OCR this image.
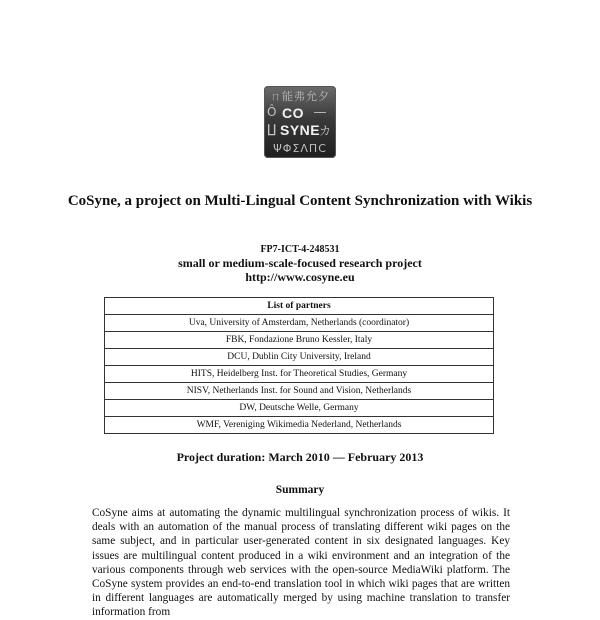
ㄇ能弗允夕
Ô CO ―
∐ SYNE
カ
ΨΦΣΛΠC
CoSyne, a project on Multi-Lingual Content Synchronization with Wikis
FP7-ICT-4-248531
small or medium-scale-focused research project
http://www.cosyne.eu
List of partners
Uva, University of Amsterdam, Netherlands (coordinator)
FBK, Fondazione Bruno Kessler, Italy
DCU, Dublin City University, Ireland
HITS, Heidelberg Inst. for Theoretical Studies, Germany
NISV, Netherlands Inst. for Sound and Vision, Netherlands
DW, Deutsche Welle, Germany
WMF, Vereniging Wikimedia Nederland, Netherlands
Project duration: March 2010 — February 2013
Summary

CoSyne aims at automating the dynamic multilingual synchronization process of wikis. It deals with an automation of the manual process of translating different wiki pages on the same subject, and in particular user-generated content in six designated languages. Key issues are multilingual content produced in a wiki environment and an integration of the various components through web services with the open-source MediaWiki platform. The CoSyne system provides an end-to-end translation tool in which wiki pages that are written in different languages are automatically merged by using machine translation to transfer information from
